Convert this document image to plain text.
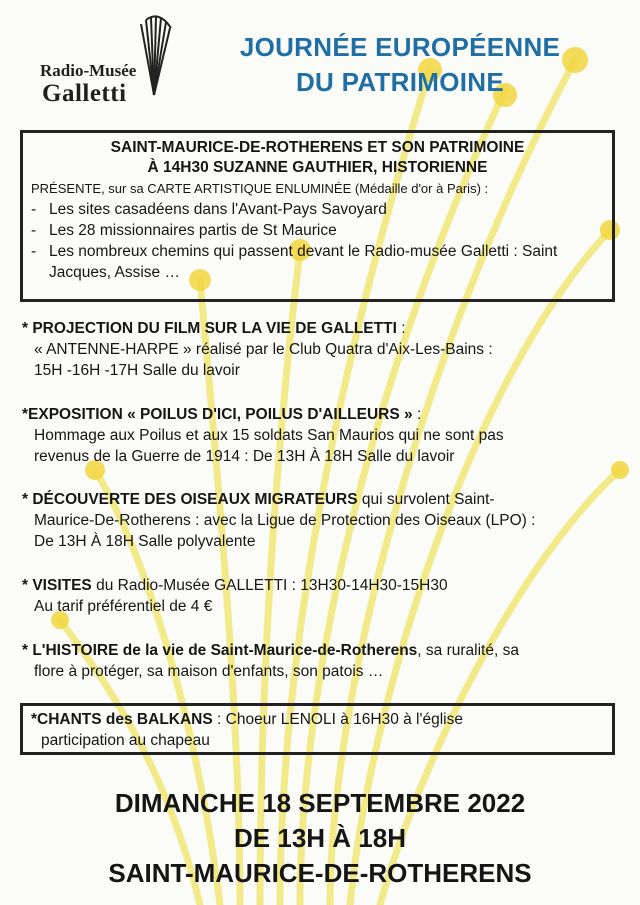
Radio-Musée
Galletti
JOURNÉE EUROPÉENNE
DU PATRIMOINE
SAINT-MAURICE-DE-ROTHERENS ET SON PATRIMOINE
À 14H30 SUZANNE GAUTHIER, HISTORIENNE
PRÉSENTE, sur sa CARTE ARTISTIQUE ENLUMINÉE (Médaille d'or à Paris) :
- Les sites casadéens dans l'Avant-Pays Savoyard
- Les 28 missionnaires partis de St Maurice
- Les nombreux chemins qui passent devant le Radio-musée Galletti : Saint Jacques, Assise …

* PROJECTION DU FILM SUR LA VIE DE GALLETTI :

« ANTENNE-HARPE » réalisé par le Club Quatra d'Aix-Les-Bains :

15H -16H -17H Salle du lavoir

*EXPOSITION « POILUS D'ICI, POILUS D'AILLEURS » :

Hommage aux Poilus et aux 15 soldats San Maurios qui ne sont pas

revenus de la Guerre de 1914 : De 13H À 18H Salle du lavoir

* DÉCOUVERTE DES OISEAUX MIGRATEURS qui survolent Saint-

Maurice-De-Rotherens : avec la Ligue de Protection des Oiseaux (LPO) :

De 13H À 18H Salle polyvalente

* VISITES du Radio-Musée GALLETTI : 13H30-14H30-15H30

Au tarif préférentiel de 4 €

* L'HISTOIRE de la vie de Saint-Maurice-de-Rotherens, sa ruralité, sa

flore à protéger, sa maison d'enfants, son patois …

*CHANTS des BALKANS : Choeur LENOLI à 16H30 à l'église
participation au chapeau
DIMANCHE 18 SEPTEMBRE 2022
DE 13H À 18H
SAINT-MAURICE-DE-ROTHERENS
